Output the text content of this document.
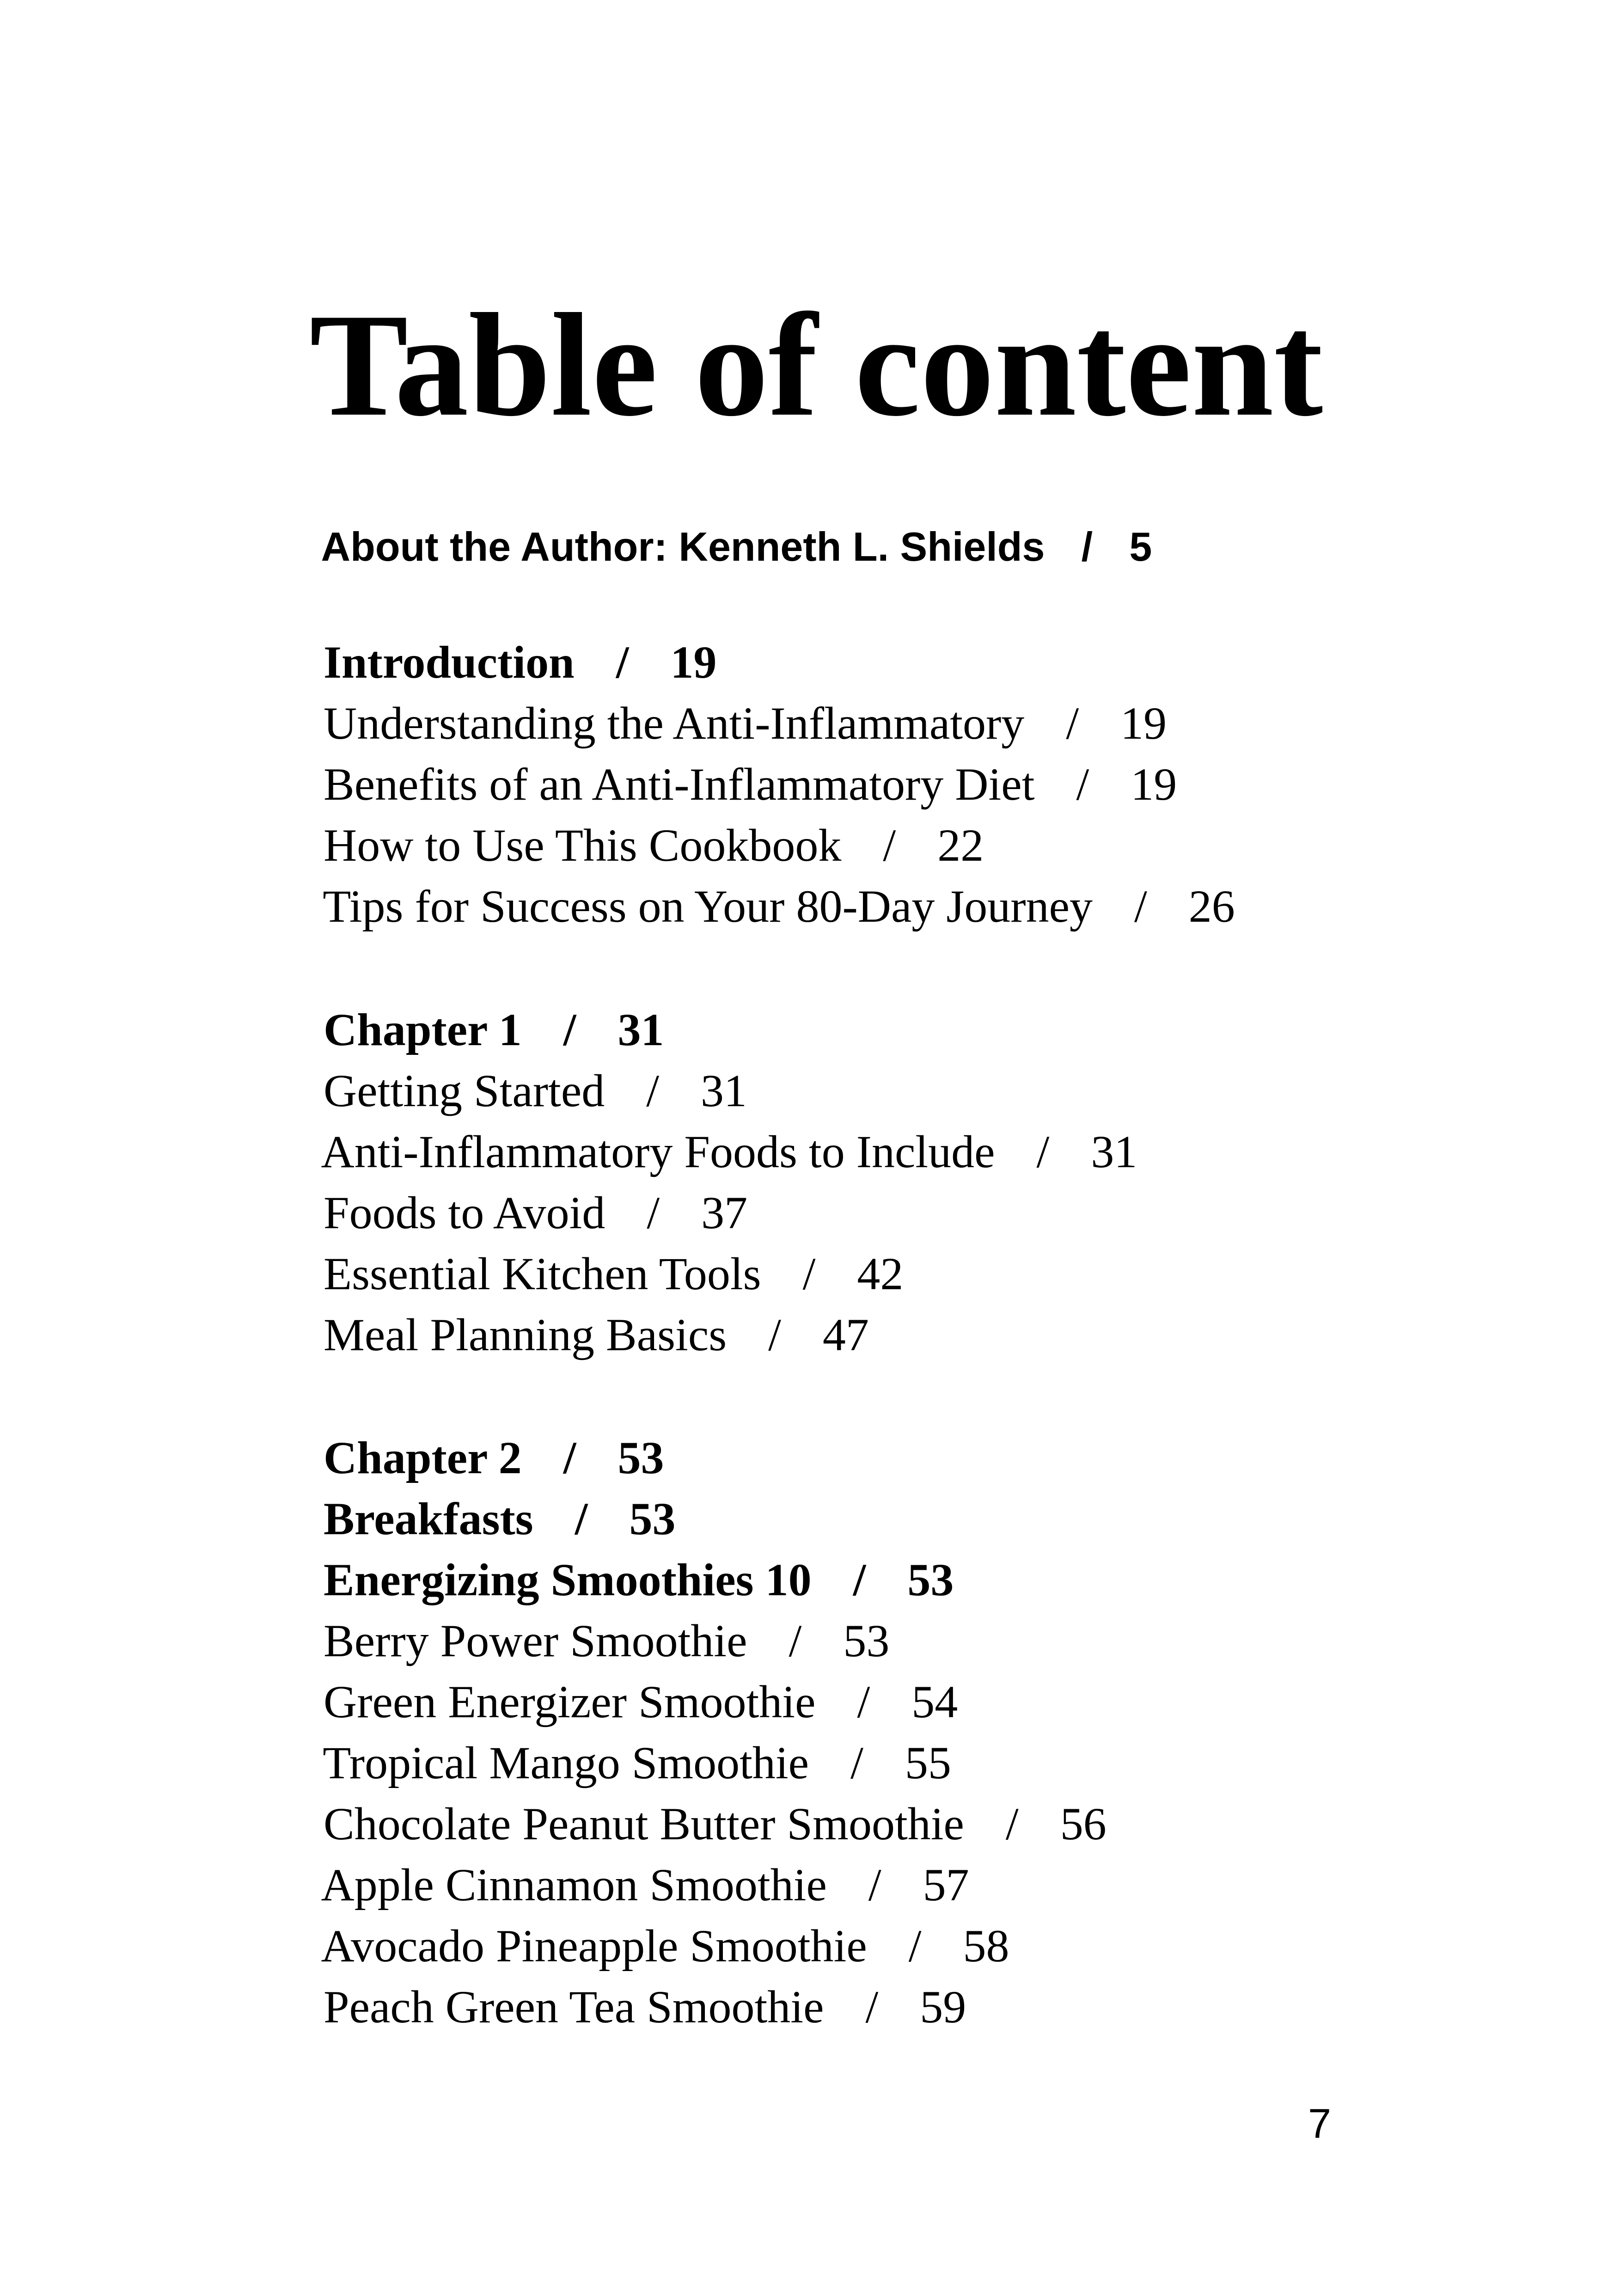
Table of content

About the Author: Kenneth L. Shields / 5

Introduction / 19

Understanding the Anti-Inflammatory / 19

Benefits of an Anti-Inflammatory Diet / 19

How to Use This Cookbook / 22

Tips for Success on Your 80-Day Journey / 26

Chapter 1 / 31

Getting Started / 31

Anti-Inflammatory Foods to Include / 31

Foods to Avoid / 37

Essential Kitchen Tools / 42

Meal Planning Basics / 47

Chapter 2 / 53

Breakfasts / 53

Energizing Smoothies 10 / 53

Berry Power Smoothie / 53

Green Energizer Smoothie / 54

Tropical Mango Smoothie / 55

Chocolate Peanut Butter Smoothie / 56

Apple Cinnamon Smoothie / 57

Avocado Pineapple Smoothie / 58

Peach Green Tea Smoothie / 59

7
